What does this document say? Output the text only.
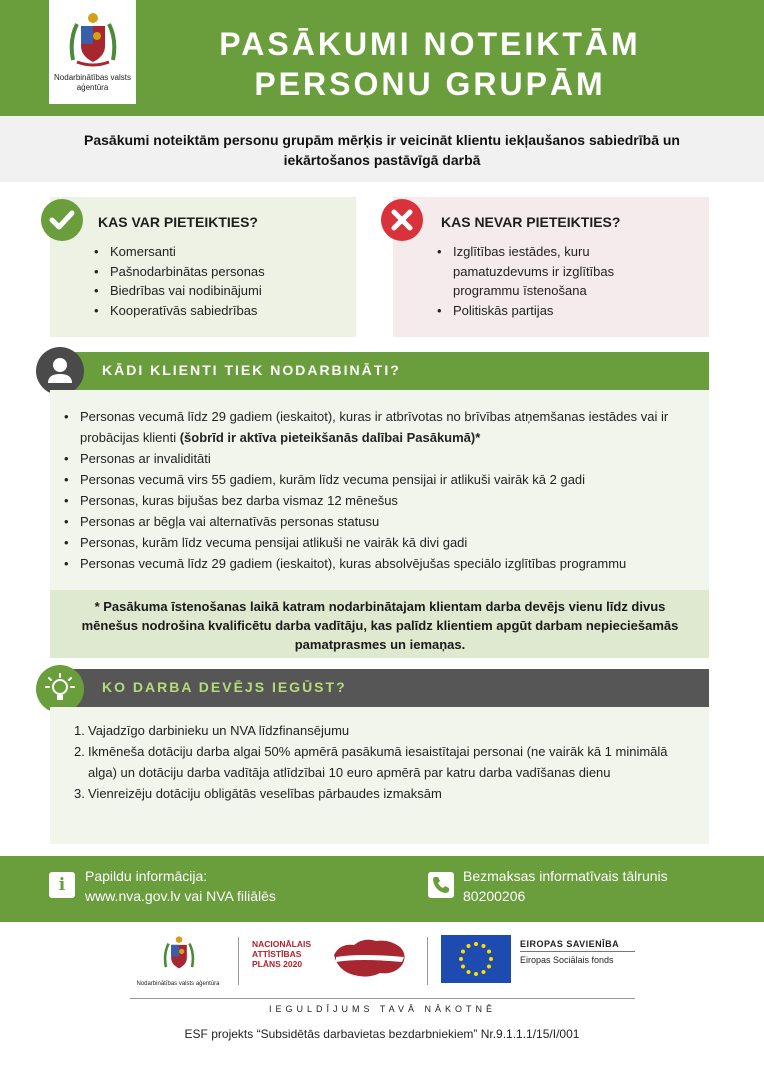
Nodarbinātības valsts aģentūra
PASĀKUMI NOTEIKTĀM PERSONU GRUPĀM
Pasākumi noteiktām personu grupām mērķis ir veicināt klientu iekļaušanos sabiedrībā un iekārtošanos pastāvīgā darbā
KAS VAR PIETEIKTIES?
• Komersanti
• Pašnodarbinātas personas
• Biedrības vai nodibinājumi
• Kooperatīvās sabiedrības
KAS NEVAR PIETEIKTIES?
• Izglītības iestādes, kuru pamatuzdevums ir izglītības programmu īstenošana
• Politiskās partijas
KĀDI KLIENTI TIEK NODARBINĀTI?
• Personas vecumā līdz 29 gadiem (ieskaitot), kuras ir atbrīvotas no brīvības atņemšanas iestādes vai ir probācijas klienti (šobrīd ir aktīva pieteikšanās dalībai Pasākumā)*
• Personas ar invaliditāti
• Personas vecumā virs 55 gadiem, kurām līdz vecuma pensijai ir atlikuši vairāk kā 2 gadi
• Personas, kuras bijušas bez darba vismaz 12 mēnešus
• Personas ar bēgļa vai alternatīvās personas statusu
• Personas, kurām līdz vecuma pensijai atlikuši ne vairāk kā divi gadi
• Personas vecumā līdz 29 gadiem (ieskaitot), kuras absolvējušas speciālo izglītības programmu
* Pasākuma īstenošanas laikā katram nodarbinātajam klientam darba devējs vienu līdz divus mēnešus nodrošina kvalificētu darba vadītāju, kas palīdz klientiem apgūt darbam nepieciešamās pamatprasmes un iemaņas.
KO DARBA DEVĒJS IEGŪST?
1. Vajadzīgo darbinieku un NVA līdzfinansējumu
2. Ikmēneša dotāciju darba algai 50% apmērā pasākumā iesaistītajai personai (ne vairāk kā 1 minimālā alga) un dotāciju darba vadītāja atlīdzībai 10 euro apmērā par katru darba vadīšanas dienu
3. Vienreizēju dotāciju obligātās veselības pārbaudes izmaksām
i	Papildu informācija:
www.nva.gov.lv vai NVA filiālēs
Bezmaksas informatīvais tālrunis
80200206
Nodarbinātības valsts aģentūra
NACIONĀLAIS
ATTĪSTĪBAS
PLĀNS 2020
EIROPAS SAVIENĪBA
Eiropas Sociālais fonds
IEGULDĪJUMS TAVĀ NĀKOTNĒ
ESF projekts “Subsidētās darbavietas bezdarbniekiem” Nr.9.1.1.1/15/I/001
